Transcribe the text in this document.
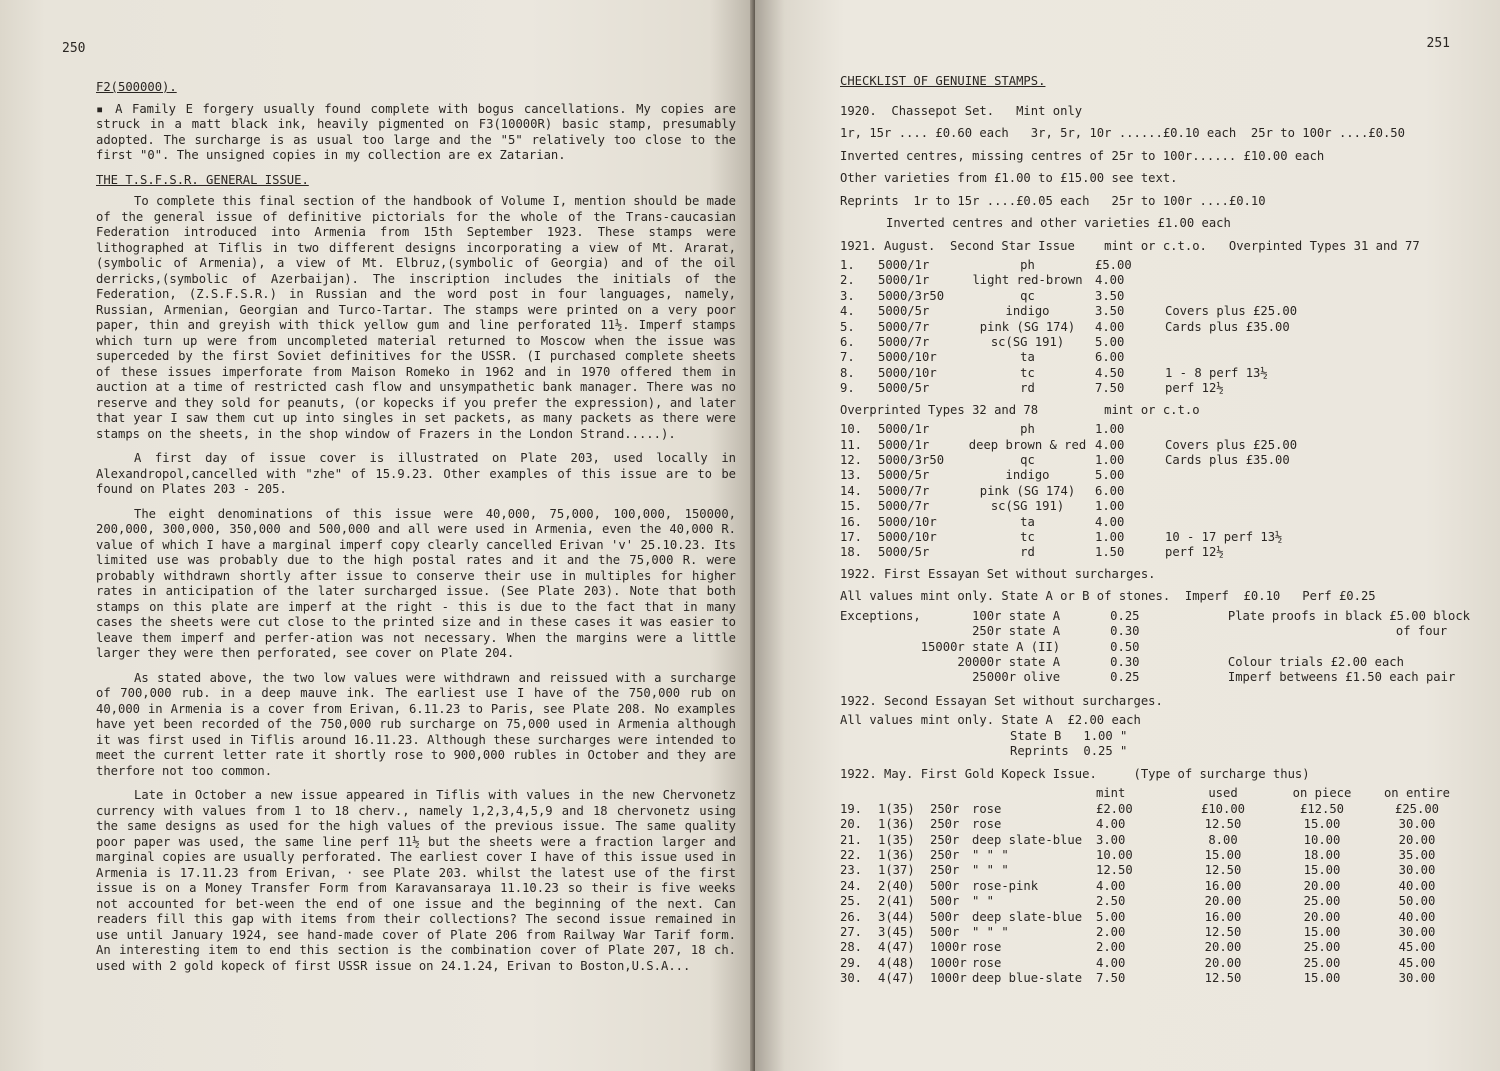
250
F2(500000).

▪ A Family E forgery usually found complete with bogus cancellations. My copies are struck in a matt black ink, heavily pigmented on F3(10000R) basic stamp, presumably adopted. The surcharge is as usual too large and the "5" relatively too close to the first "0". The unsigned copies in my collection are ex Zatarian.

THE T.S.F.S.R. GENERAL ISSUE.

To complete this final section of the handbook of Volume I, mention should be made of the general issue of definitive pictorials for the whole of the Trans-caucasian Federation introduced into Armenia from 15th September 1923. These stamps were lithographed at Tiflis in two different designs incorporating a view of Mt. Ararat,(symbolic of Armenia), a view of Mt. Elbruz,(symbolic of Georgia) and of the oil derricks,(symbolic of Azerbaijan). The inscription includes the initials of the Federation, (Z.S.F.S.R.) in Russian and the word post in four languages, namely, Russian, Armenian, Georgian and Turco-Tartar. The stamps were printed on a very poor paper, thin and greyish with thick yellow gum and line perforated 11½. Imperf stamps which turn up were from uncompleted material returned to Moscow when the issue was superceded by the first Soviet definitives for the USSR. (I purchased complete sheets of these issues imperforate from Maison Romeko in 1962 and in 1970 offered them in auction at a time of restricted cash flow and unsympathetic bank manager. There was no reserve and they sold for peanuts, (or kopecks if you prefer the expression), and later that year I saw them cut up into singles in set packets, as many packets as there were stamps on the sheets, in the shop window of Frazers in the London Strand.....).

A first day of issue cover is illustrated on Plate 203, used locally in Alexandropol,cancelled with "zhe" of 15.9.23. Other examples of this issue are to be found on Plates 203 - 205.

The eight denominations of this issue were 40,000, 75,000, 100,000, 150000, 200,000, 300,000, 350,000 and 500,000 and all were used in Armenia, even the 40,000 R. value of which I have a marginal imperf copy clearly cancelled Erivan 'v' 25.10.23. Its limited use was probably due to the high postal rates and it and the 75,000 R. were probably withdrawn shortly after issue to conserve their use in multiples for higher rates in anticipation of the later surcharged issue. (See Plate 203). Note that both stamps on this plate are imperf at the right - this is due to the fact that in many cases the sheets were cut close to the printed size and in these cases it was easier to leave them imperf and perfer-ation was not necessary. When the margins were a little larger they were then perforated, see cover on Plate 204.

As stated above, the two low values were withdrawn and reissued with a surcharge of 700,000 rub. in a deep mauve ink. The earliest use I have of the 750,000 rub on 40,000 in Armenia is a cover from Erivan, 6.11.23 to Paris, see Plate 208. No examples have yet been recorded of the 750,000 rub surcharge on 75,000 used in Armenia although it was first used in Tiflis around 16.11.23. Although these surcharges were intended to meet the current letter rate it shortly rose to 900,000 rubles in October and they are therfore not too common.

Late in October a new issue appeared in Tiflis with values in the new Chervonetz currency with values from 1 to 18 cherv., namely 1,2,3,4,5,9 and 18 chervonetz using the same designs as used for the high values of the previous issue. The same quality poor paper was used, the same line perf 11½ but the sheets were a fraction larger and marginal copies are usually perforated. The earliest cover I have of this issue used in Armenia is 17.11.23 from Erivan, · see Plate 203. whilst the latest use of the first issue is on a Money Transfer Form from Karavansaraya 11.10.23 so their is five weeks not accounted for bet-ween the end of one issue and the beginning of the next. Can readers fill this gap with items from their collections? The second issue remained in use until January 1924, see hand-made cover of Plate 206 from Railway War Tarif form. An interesting item to end this section is the combination cover of Plate 207, 18 ch. used with 2 gold kopeck of first USSR issue on 24.1.24, Erivan to Boston,U.S.A...

251
CHECKLIST OF GENUINE STAMPS.
1920.  Chassepot Set.   Mint only
1r, 15r .... £0.60 each   3r, 5r, 10r ......£0.10 each  25r to 100r ....£0.50
Inverted centres, missing centres of 25r to 100r...... £10.00 each
Other varieties from £1.00 to £15.00 see text.
Reprints  1r to 15r ....£0.05 each   25r to 100r ....£0.10
Inverted centres and other varieties £1.00 each
1921. August.  Second Star Issue    mint or c.t.o.   Overpinted Types 31 and 77
1.	5000/1r	ph	£5.00	
2.	5000/1r	light red-brown	4.00	
3.	5000/3r50	qc	3.50	
4.	5000/5r	indigo	3.50	Covers plus £25.00
5.	5000/7r	pink (SG 174)	4.00	Cards plus £35.00
6.	5000/7r	sc(SG 191)	5.00	
7.	5000/10r	ta	6.00	
8.	5000/10r	tc	4.50	1 - 8 perf 13½
9.	5000/5r	rd	7.50	perf 12½
Overprinted Types 32 and 78         mint or c.t.o
10.	5000/1r	ph	1.00	
11.	5000/1r	deep brown & red	4.00	Covers plus £25.00
12.	5000/3r50	qc	1.00	Cards plus £35.00
13.	5000/5r	indigo	5.00	
14.	5000/7r	pink (SG 174)	6.00	
15.	5000/7r	sc(SG 191)	1.00	
16.	5000/10r	ta	4.00	
17.	5000/10r	tc	1.00	10 - 17 perf 13½
18.	5000/5r	rd	1.50	perf 12½
1922. First Essayan Set without surcharges.
All values mint only. State A or B of stones.  Imperf  £0.10   Perf £0.25
Exceptions,	100r state A	0.25	Plate proofs in black £5.00 block
	250r state A	0.30	of four
	15000r state A (II)	0.50	
	20000r state A	0.30	Colour trials £2.00 each
	25000r olive	0.25	Imperf betweens £1.50 each pair
1922. Second Essayan Set without surcharges.
All values mint only. State A  £2.00 each
State B   1.00 "
Reprints  0.25 "
1922. May. First Gold Kopeck Issue.     (Type of surcharge thus)
				mint	used	on piece	on entire
19.	1(35)	250r	rose	£2.00	£10.00	£12.50	£25.00
20.	1(36)	250r	rose	4.00	12.50	15.00	30.00
21.	1(35)	250r	deep slate-blue	3.00	8.00	10.00	20.00
22.	1(36)	250r	" " "	10.00	15.00	18.00	35.00
23.	1(37)	250r	" " "	12.50	12.50	15.00	30.00
24.	2(40)	500r	rose-pink	4.00	16.00	20.00	40.00
25.	2(41)	500r	" "	2.50	20.00	25.00	50.00
26.	3(44)	500r	deep slate-blue	5.00	16.00	20.00	40.00
27.	3(45)	500r	" " "	2.00	12.50	15.00	30.00
28.	4(47)	1000r	rose	2.00	20.00	25.00	45.00
29.	4(48)	1000r	rose	4.00	20.00	25.00	45.00
30.	4(47)	1000r	deep blue-slate	7.50	12.50	15.00	30.00
